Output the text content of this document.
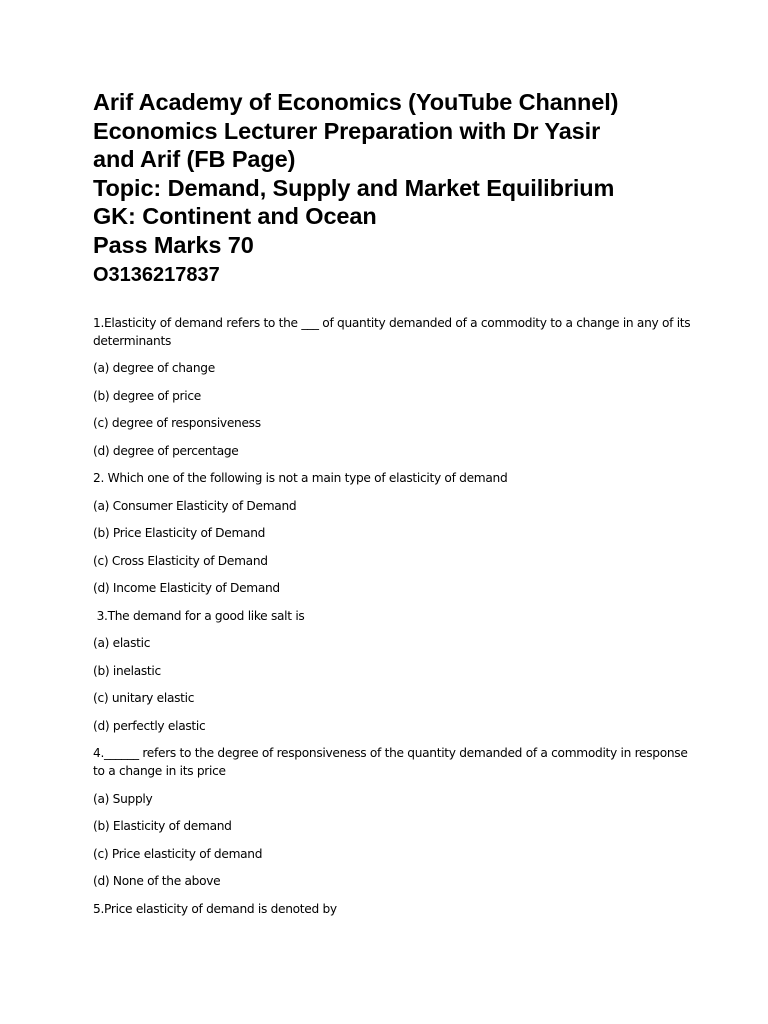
Arif Academy of Economics (YouTube Channel)
Economics Lecturer Preparation with Dr Yasir
and Arif (FB Page)
Topic: Demand, Supply and Market Equilibrium
GK: Continent and Ocean
Pass Marks 70
O3136217837
1.Elasticity of demand refers to the ___ of quantity demanded of a commodity to a change in any of its determinants
(a) degree of change
(b) degree of price
(c) degree of responsiveness
(d) degree of percentage
2. Which one of the following is not a main type of elasticity of demand
(a) Consumer Elasticity of Demand
(b) Price Elasticity of Demand
(c) Cross Elasticity of Demand
(d) Income Elasticity of Demand
3.The demand for a good like salt is
(a) elastic
(b) inelastic
(c) unitary elastic
(d) perfectly elastic
4.______ refers to the degree of responsiveness of the quantity demanded of a commodity in response to a change in its price
(a) Supply
(b) Elasticity of demand
(c) Price elasticity of demand
(d) None of the above
5.Price elasticity of demand is denoted by
